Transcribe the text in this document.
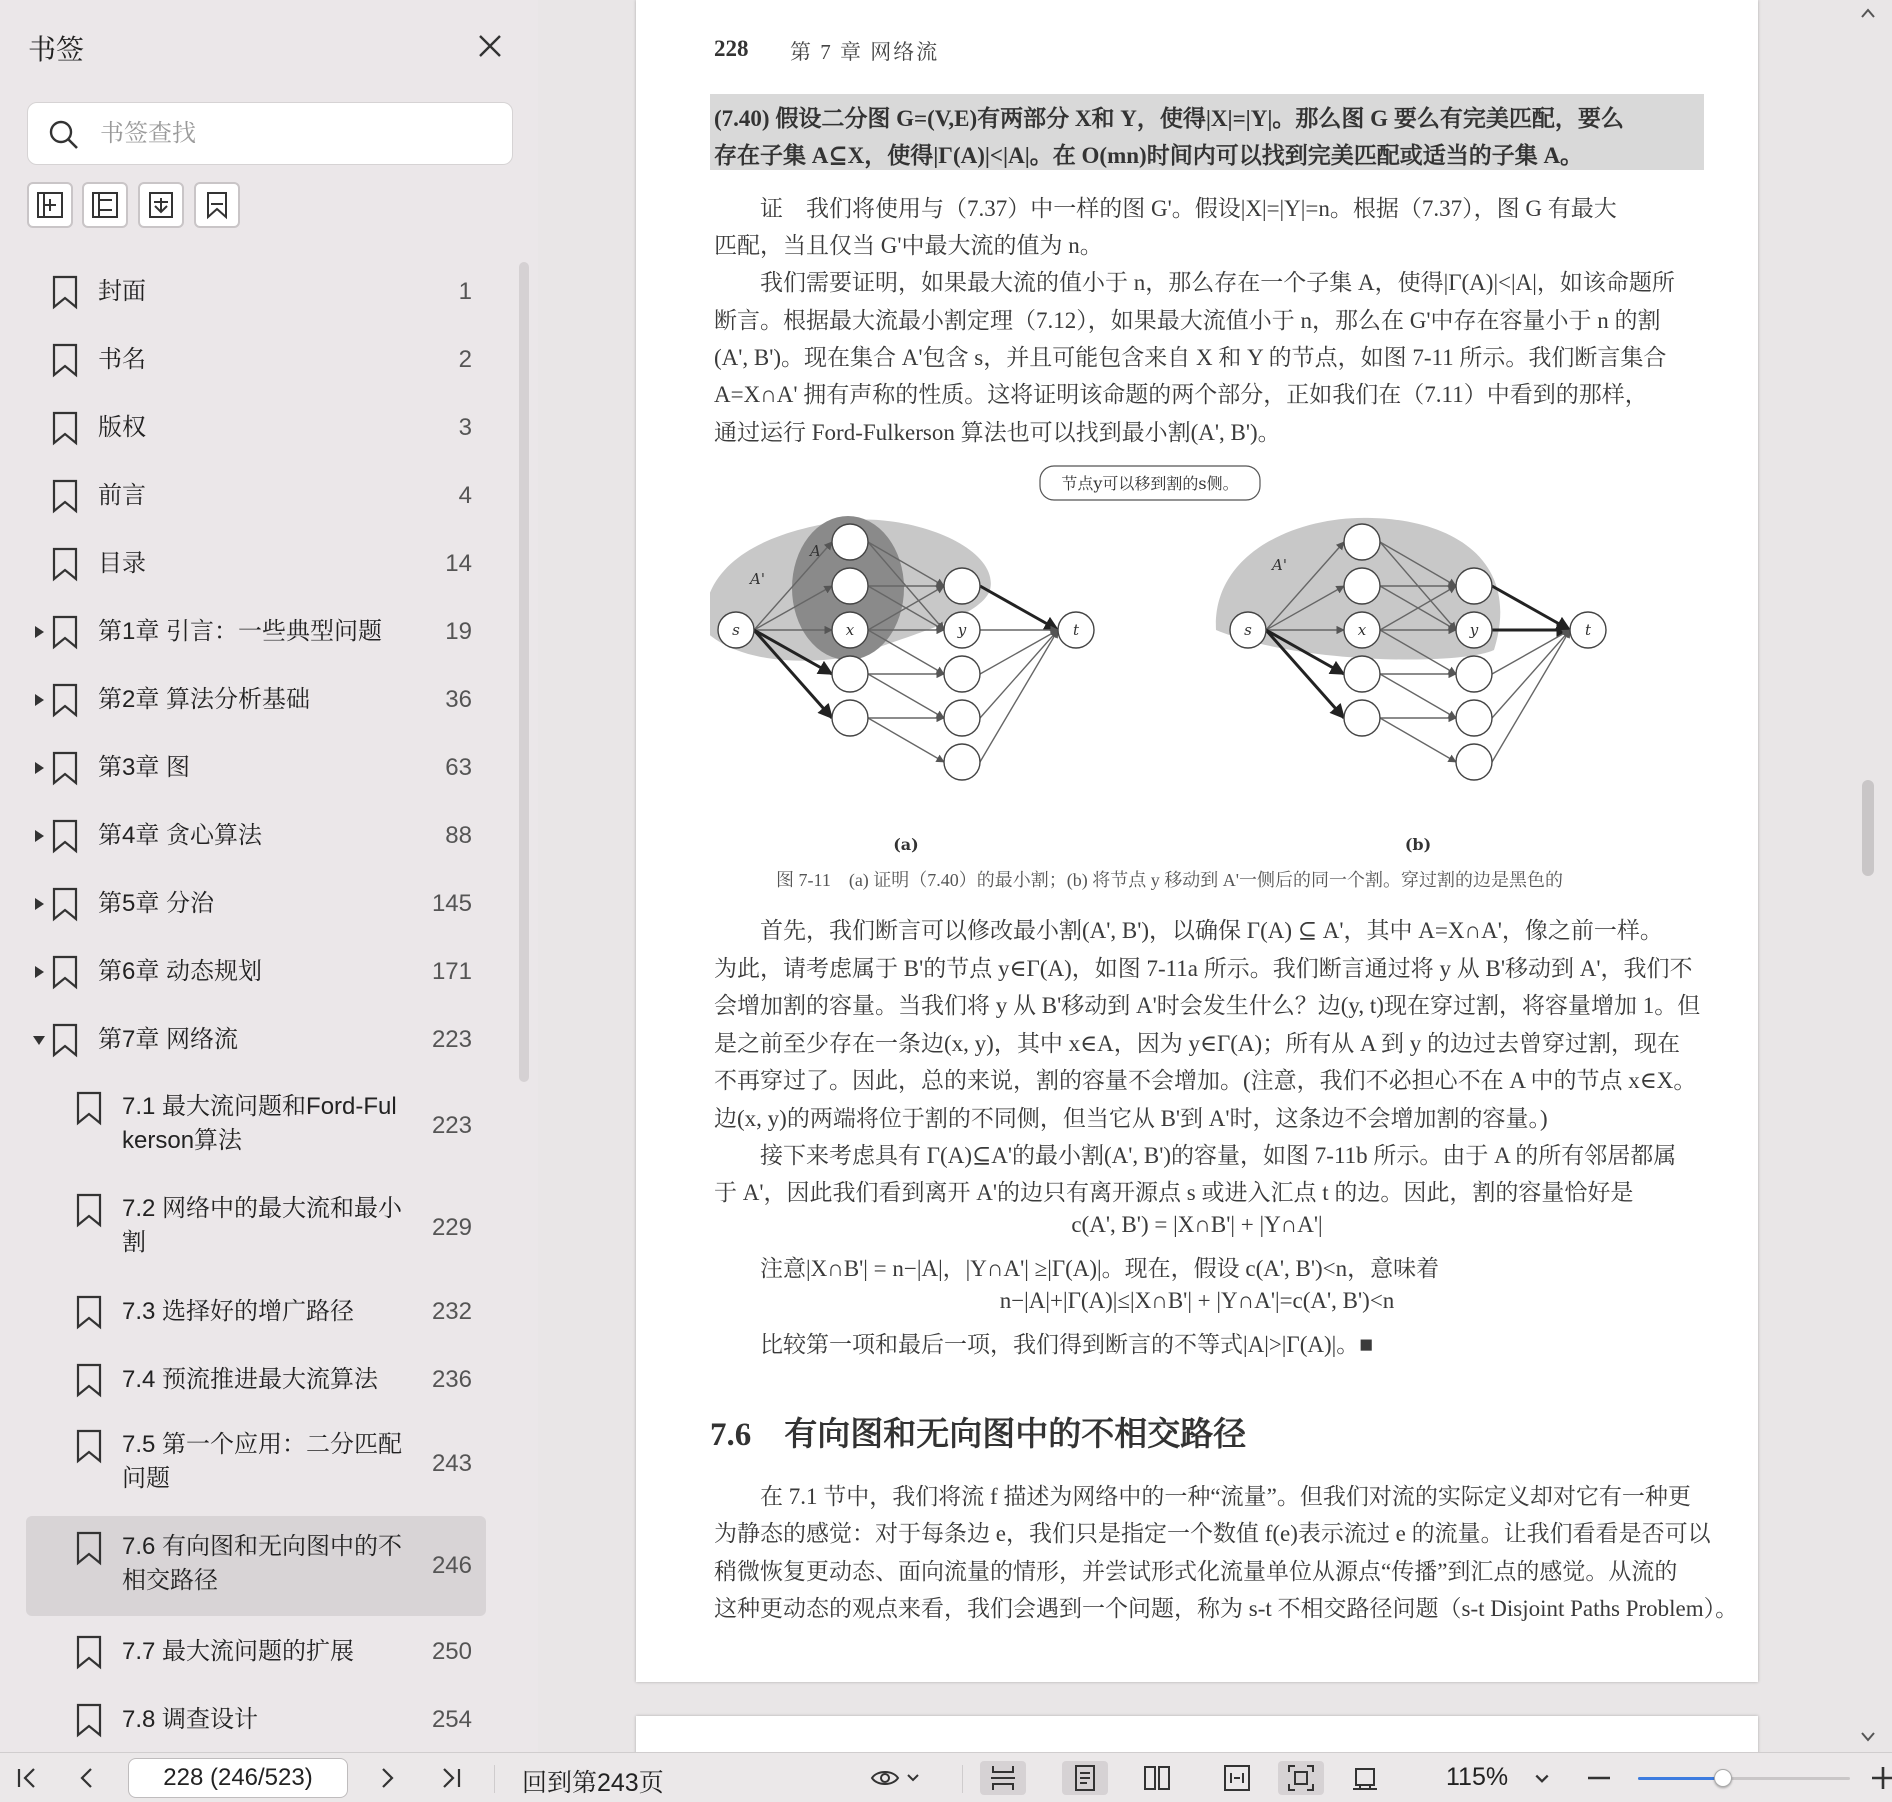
书签
书签查找
封面	1
书名	2
版权	3
前言	4
目录	14
第1章 引言：一些典型问题	19
第2章 算法分析基础	36
第3章 图	63
第4章 贪心算法	88
第5章 分治	145
第6章 动态规划	171
第7章 网络流	223
7.1 最大流问题和Ford-Ful
kerson算法
223
7.2 网络中的最大流和最小
割
229
7.3 选择好的增广路径	232
7.4 预流推进最大流算法	236
7.5 第一个应用：二分匹配
问题
243
7.6 有向图和无向图中的不
相交路径
246
7.7 最大流问题的扩展	250
7.8 调查设计	254
228 第 7 章 网络流
(7.40) 假设二分图 G=(V,E)有两部分 X和 Y，使得|X|=|Y|。那么图 G 要么有完美匹配，要么
存在子集 A⊆X，使得|Γ(A)|<|A|。在 O(mn)时间内可以找到完美匹配或适当的子集 A。
证　我们将使用与（7.37）中一样的图 G'。假设|X|=|Y|=n。根据（7.37），图 G 有最大
匹配，当且仅当 G'中最大流的值为 n。
我们需要证明，如果最大流的值小于 n，那么存在一个子集 A，使得|Γ(A)|<|A|，如该命题所
断言。根据最大流最小割定理（7.12），如果最大流值小于 n，那么在 G'中存在容量小于 n 的割
(A', B')。现在集合 A'包含 s，并且可能包含来自 X 和 Y 的节点，如图 7-11 所示。我们断言集合
A=X∩A' 拥有声称的性质。这将证明该命题的两个部分，正如我们在（7.11）中看到的那样，
通过运行 Ford-Fulkerson 算法也可以找到最小割(A', B')。
节点y可以移到割的s侧。
A
A'
s	x	y	t
A'
s	x	y	t
(a)	(b)
图 7-11　(a) 证明（7.40）的最小割；(b) 将节点 y 移动到 A'一侧后的同一个割。穿过割的边是黑色的
首先，我们断言可以修改最小割(A', B')，以确保 Γ(A) ⊆ A'，其中 A=X∩A'，像之前一样。
为此，请考虑属于 B'的节点 y∈Γ(A)，如图 7-11a 所示。我们断言通过将 y 从 B'移动到 A'，我们不
会增加割的容量。当我们将 y 从 B'移动到 A'时会发生什么？边(y, t)现在穿过割，将容量增加 1。但
是之前至少存在一条边(x, y)，其中 x∈A，因为 y∈Γ(A)；所有从 A 到 y 的边过去曾穿过割，现在
不再穿过了。因此，总的来说，割的容量不会增加。(注意，我们不必担心不在 A 中的节点 x∈X。
边(x, y)的两端将位于割的不同侧，但当它从 B'到 A'时，这条边不会增加割的容量。)
接下来考虑具有 Γ(A)⊆A'的最小割(A', B')的容量，如图 7-11b 所示。由于 A 的所有邻居都属
于 A'，因此我们看到离开 A'的边只有离开源点 s 或进入汇点 t 的边。因此，割的容量恰好是
c(A', B') = |X∩B'| + |Y∩A'|
注意|X∩B'| = n−|A|，|Y∩A'| ≥|Γ(A)|。现在，假设 c(A', B')<n，意味着
n−|A|+|Γ(A)|≤|X∩B'| + |Y∩A'|=c(A', B')<n
比较第一项和最后一项，我们得到断言的不等式|A|>|Γ(A)|。■
7.6　有向图和无向图中的不相交路径
在 7.1 节中，我们将流 f 描述为网络中的一种“流量”。但我们对流的实际定义却对它有一种更
为静态的感觉：对于每条边 e，我们只是指定一个数值 f(e)表示流过 e 的流量。让我们看看是否可以
稍微恢复更动态、面向流量的情形，并尝试形式化流量单位从源点“传播”到汇点的感觉。从流的
这种更动态的观点来看，我们会遇到一个问题，称为 s-t 不相交路径问题（s-t Disjoint Paths Problem）。
228 (246/523)	回到第243页	115%
